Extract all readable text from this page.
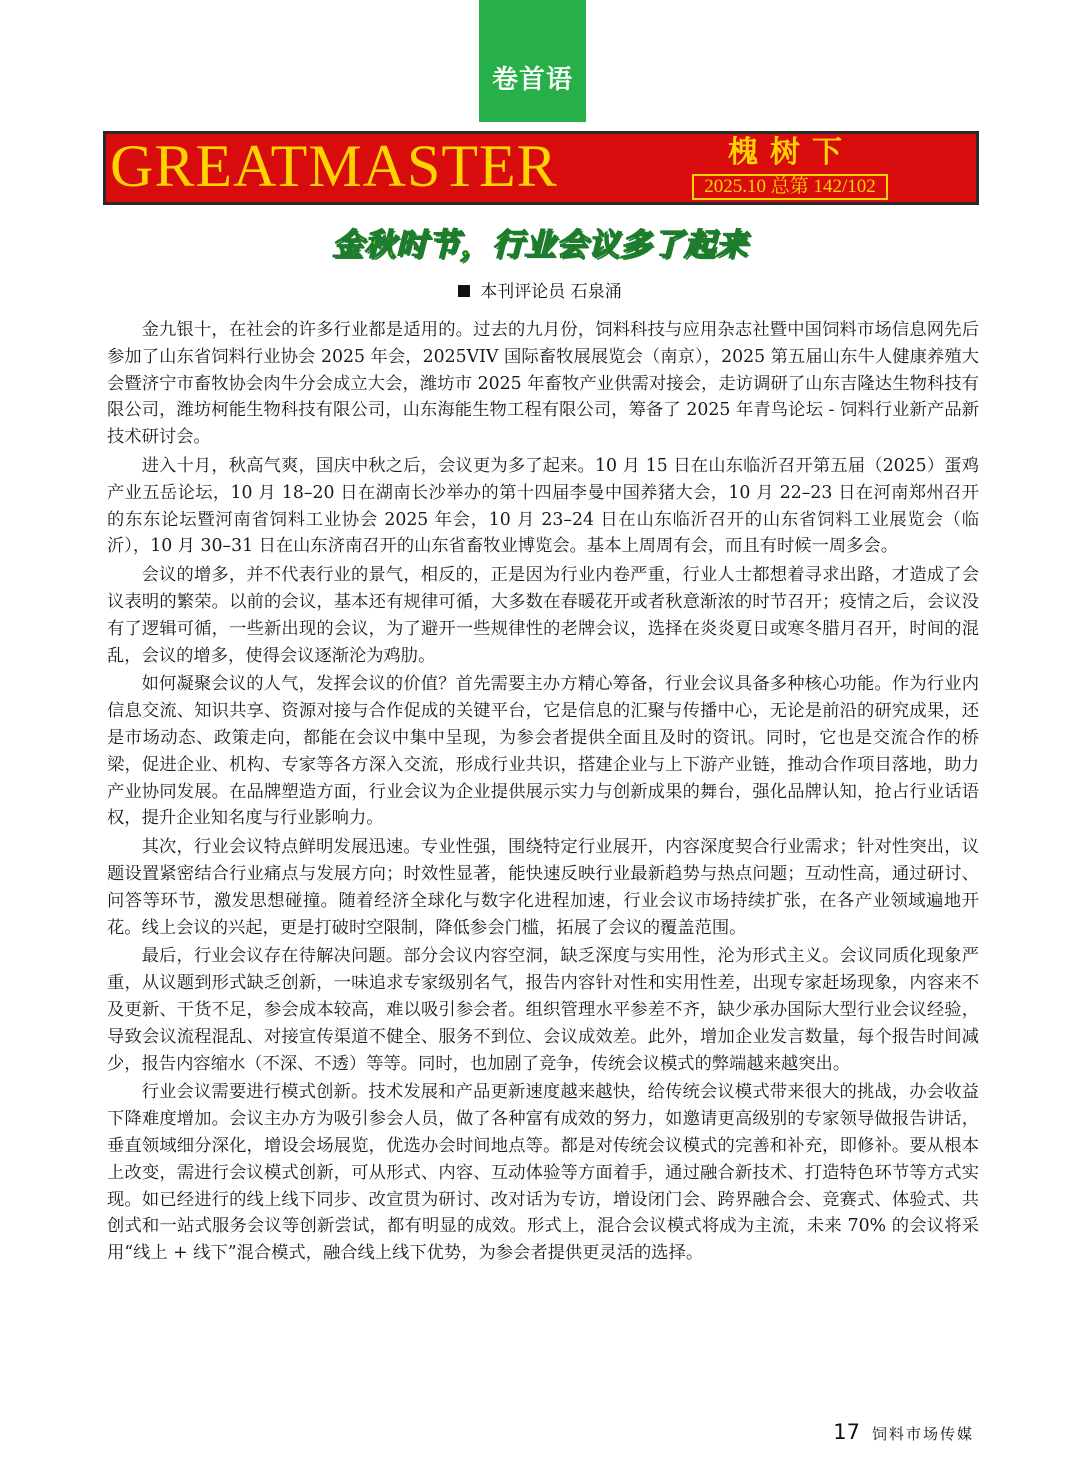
卷首语
GREATMASTER	槐树下
2025.10 总第 142/102
金秋时节，行业会议多了起来
本刊评论员 石泉涌

金九银十，在社会的许多行业都是适用的。过去的九月份，饲料科技与应用杂志社暨中国饲料市场信息网先后参加了山东省饲料行业协会 2025 年会，2025VIV 国际畜牧展展览会（南京），2025 第五届山东牛人健康养殖大会暨济宁市畜牧协会肉牛分会成立大会，潍坊市 2025 年畜牧产业供需对接会，走访调研了山东吉隆达生物科技有限公司，潍坊柯能生物科技有限公司，山东海能生物工程有限公司，筹备了 2025 年青鸟论坛 - 饲料行业新产品新技术研讨会。

进入十月，秋高气爽，国庆中秋之后，会议更为多了起来。10 月 15 日在山东临沂召开第五届（2025）蛋鸡产业五岳论坛，10 月 18–20 日在湖南长沙举办的第十四届李曼中国养猪大会，10 月 22–23 日在河南郑州召开的东东论坛暨河南省饲料工业协会 2025 年会，10 月 23–24 日在山东临沂召开的山东省饲料工业展览会（临沂），10 月 30–31 日在山东济南召开的山东省畜牧业博览会。基本上周周有会，而且有时候一周多会。

会议的增多，并不代表行业的景气，相反的，正是因为行业内卷严重，行业人士都想着寻求出路，才造成了会议表明的繁荣。以前的会议，基本还有规律可循，大多数在春暖花开或者秋意渐浓的时节召开；疫情之后，会议没有了逻辑可循，一些新出现的会议，为了避开一些规律性的老牌会议，选择在炎炎夏日或寒冬腊月召开，时间的混乱，会议的增多，使得会议逐渐沦为鸡肋。

如何凝聚会议的人气，发挥会议的价值？首先需要主办方精心筹备，行业会议具备多种核心功能。作为行业内信息交流、知识共享、资源对接与合作促成的关键平台，它是信息的汇聚与传播中心，无论是前沿的研究成果，还是市场动态、政策走向，都能在会议中集中呈现，为参会者提供全面且及时的资讯。同时，它也是交流合作的桥梁，促进企业、机构、专家等各方深入交流，形成行业共识，搭建企业与上下游产业链，推动合作项目落地，助力产业协同发展。在品牌塑造方面，行业会议为企业提供展示实力与创新成果的舞台，强化品牌认知，抢占行业话语权，提升企业知名度与行业影响力。

其次，行业会议特点鲜明发展迅速。专业性强，围绕特定行业展开，内容深度契合行业需求；针对性突出，议题设置紧密结合行业痛点与发展方向；时效性显著，能快速反映行业最新趋势与热点问题；互动性高，通过研讨、问答等环节，激发思想碰撞。随着经济全球化与数字化进程加速，行业会议市场持续扩张，在各产业领域遍地开花。线上会议的兴起，更是打破时空限制，降低参会门槛，拓展了会议的覆盖范围。

最后，行业会议存在待解决问题。部分会议内容空洞，缺乏深度与实用性，沦为形式主义。会议同质化现象严重，从议题到形式缺乏创新，一味追求专家级别名气，报告内容针对性和实用性差，出现专家赶场现象，内容来不及更新、干货不足，参会成本较高，难以吸引参会者。组织管理水平参差不齐，缺少承办国际大型行业会议经验，导致会议流程混乱、对接宣传渠道不健全、服务不到位、会议成效差。此外，增加企业发言数量，每个报告时间减少，报告内容缩水（不深、不透）等等。同时，也加剧了竞争，传统会议模式的弊端越来越突出。

行业会议需要进行模式创新。技术发展和产品更新速度越来越快，给传统会议模式带来很大的挑战，办会收益下降难度增加。会议主办方为吸引参会人员，做了各种富有成效的努力，如邀请更高级别的专家领导做报告讲话，垂直领域细分深化，增设会场展览，优选办会时间地点等。都是对传统会议模式的完善和补充，即修补。要从根本上改变，需进行会议模式创新，可从形式、内容、互动体验等方面着手，通过融合新技术、打造特色环节等方式实现。如已经进行的线上线下同步、改宣贯为研讨、改对话为专访，增设闭门会、跨界融合会、竞赛式、体验式、共创式和一站式服务会议等创新尝试，都有明显的成效。形式上，混合会议模式将成为主流，未来 70% 的会议将采用“线上 + 线下”混合模式，融合线上线下优势，为参会者提供更灵活的选择。

17 饲料市场传媒
